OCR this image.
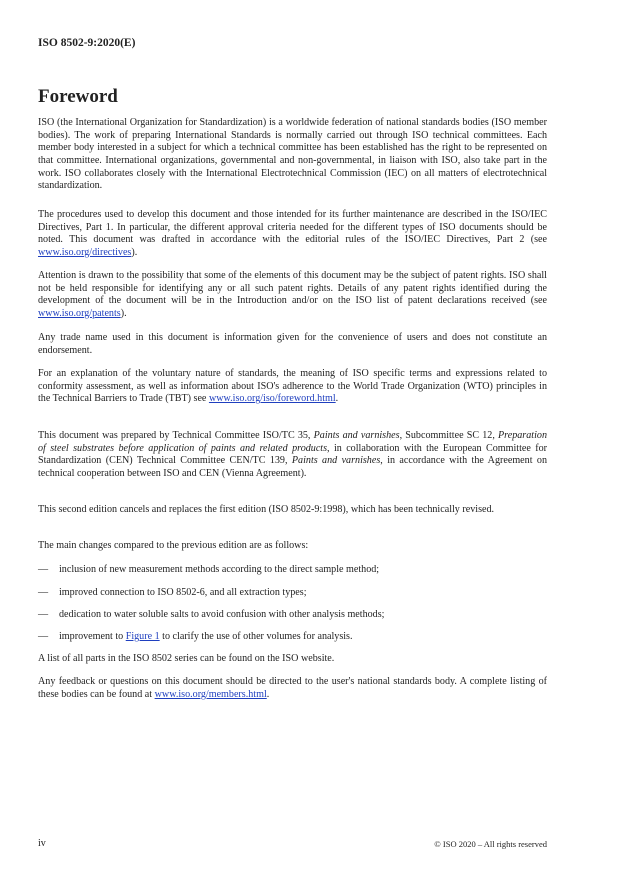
ISO 8502-9:2020(E)
Foreword

ISO (the International Organization for Standardization) is a worldwide federation of national standards bodies (ISO member bodies). The work of preparing International Standards is normally carried out through ISO technical committees. Each member body interested in a subject for which a technical committee has been established has the right to be represented on that committee. International organizations, governmental and non-governmental, in liaison with ISO, also take part in the work. ISO collaborates closely with the International Electrotechnical Commission (IEC) on all matters of electrotechnical standardization.

The procedures used to develop this document and those intended for its further maintenance are described in the ISO/IEC Directives, Part 1. In particular, the different approval criteria needed for the different types of ISO documents should be noted. This document was drafted in accordance with the editorial rules of the ISO/IEC Directives, Part 2 (see www.iso.org/directives).

Attention is drawn to the possibility that some of the elements of this document may be the subject of patent rights. ISO shall not be held responsible for identifying any or all such patent rights. Details of any patent rights identified during the development of the document will be in the Introduction and/or on the ISO list of patent declarations received (see www.iso.org/patents).

Any trade name used in this document is information given for the convenience of users and does not constitute an endorsement.

For an explanation of the voluntary nature of standards, the meaning of ISO specific terms and expressions related to conformity assessment, as well as information about ISO's adherence to the World Trade Organization (WTO) principles in the Technical Barriers to Trade (TBT) see www.iso.org/iso/foreword.html.

This document was prepared by Technical Committee ISO/TC 35, Paints and varnishes, Subcommittee SC 12, Preparation of steel substrates before application of paints and related products, in collaboration with the European Committee for Standardization (CEN) Technical Committee CEN/TC 139, Paints and varnishes, in accordance with the Agreement on technical cooperation between ISO and CEN (Vienna Agreement).

This second edition cancels and replaces the first edition (ISO 8502-9:1998), which has been technically revised.

The main changes compared to the previous edition are as follows:

— inclusion of new measurement methods according to the direct sample method;
— improved connection to ISO 8502-6, and all extraction types;
— dedication to water soluble salts to avoid confusion with other analysis methods;
— improvement to Figure 1 to clarify the use of other volumes for analysis.

A list of all parts in the ISO 8502 series can be found on the ISO website.

Any feedback or questions on this document should be directed to the user's national standards body. A complete listing of these bodies can be found at www.iso.org/members.html.

iv	© ISO 2020 – All rights reserved
